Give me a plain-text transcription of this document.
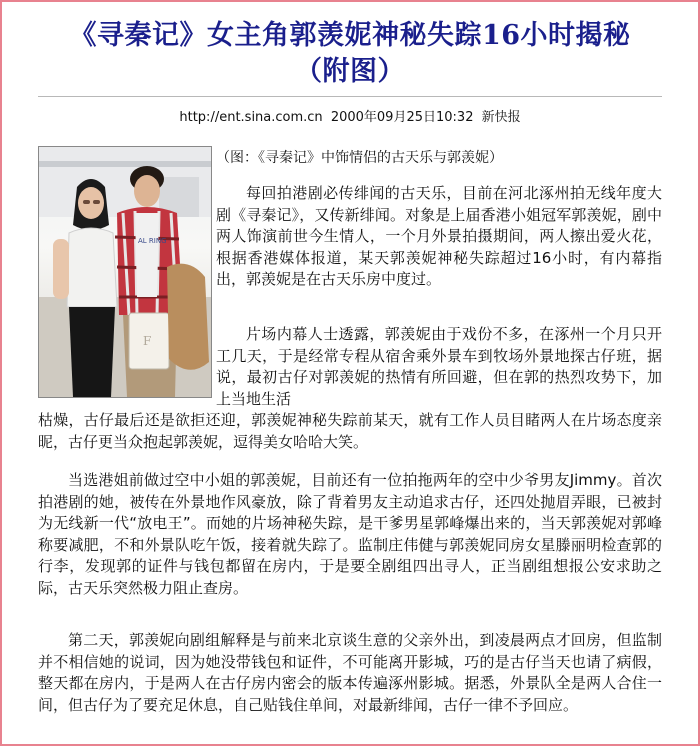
《寻秦记》女主角郭羡妮神秘失踪16小时揭秘
（附图）
http://ent.sina.com.cn 2000年09月25日10:32 新快报
AL RING
F
（图：《寻秦记》中饰情侣的古天乐与郭羡妮）

每回拍港剧必传绯闻的古天乐，目前在河北涿州拍无线年度大剧《寻秦记》，又传新绯闻。对象是上届香港小姐冠军郭羡妮，剧中两人饰演前世今生情人，一个月外景拍摄期间，两人擦出爱火花，根据香港媒体报道，某天郭羡妮神秘失踪超过16小时，有内幕指出，郭羡妮是在古天乐房中度过。

片场内幕人士透露，郭羡妮由于戏份不多，在涿州一个月只开工几天，于是经常专程从宿舍乘外景车到牧场外景地探古仔班，据说，最初古仔对郭羡妮的热情有所回避，但在郭的热烈攻势下，加上当地生活

枯燥，古仔最后还是欲拒还迎，郭羡妮神秘失踪前某天，就有工作人员目睹两人在片场态度亲昵，古仔更当众抱起郭羡妮，逗得美女哈哈大笑。

当选港姐前做过空中小姐的郭羡妮，目前还有一位拍拖两年的空中少爷男友Jimmy。首次拍港剧的她，被传在外景地作风豪放，除了背着男友主动追求古仔，还四处抛眉弄眼，已被封为无线新一代“放电王”。而她的片场神秘失踪，是干爹男星郭峰爆出来的，当天郭羡妮对郭峰称要减肥，不和外景队吃午饭，接着就失踪了。监制庄伟健与郭羡妮同房女星滕丽明检查郭的行李，发现郭的证件与钱包都留在房内，于是要全剧组四出寻人，正当剧组想报公安求助之际，古天乐突然极力阻止查房。

第二天，郭羡妮向剧组解释是与前来北京谈生意的父亲外出，到凌晨两点才回房，但监制并不相信她的说词，因为她没带钱包和证件，不可能离开影城，巧的是古仔当天也请了病假，整天都在房内，于是两人在古仔房内密会的版本传遍涿州影城。据悉，外景队全是两人合住一间，但古仔为了要充足休息，自己贴钱住单间，对最新绯闻，古仔一律不予回应。
